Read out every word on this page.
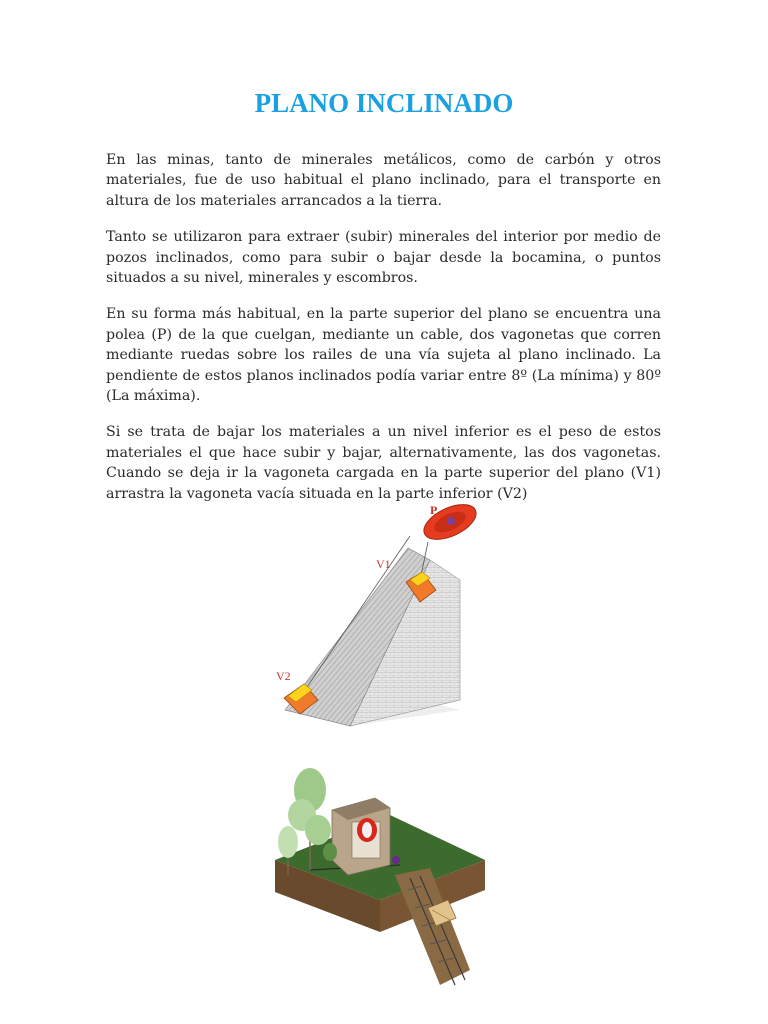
PLANO INCLINADO

En las minas, tanto de minerales metálicos, como de carbón y otros materiales, fue de uso habitual el plano inclinado, para el transporte en altura de los materiales arrancados a la tierra.

Tanto se utilizaron para extraer (subir) minerales del interior por medio de pozos inclinados, como para subir o bajar desde la bocamina, o puntos situados a su nivel, minerales y escombros.

En su forma más habitual, en la parte superior del plano se encuentra una polea (P) de la que cuelgan, mediante un cable, dos vagonetas que corren mediante ruedas sobre los railes de una vía sujeta al plano inclinado. La pendiente de estos planos inclinados podía variar entre 8º (La mínima) y 80º (La máxima).

Si se trata de bajar los materiales a un nivel inferior es el peso de estos materiales el que hace subir y bajar, alternativamente, las dos vagonetas. Cuando se deja ir la vagoneta cargada en la parte superior del plano (V1) arrastra la vagoneta vacía situada en la parte inferior (V2)

P
V1
V2
